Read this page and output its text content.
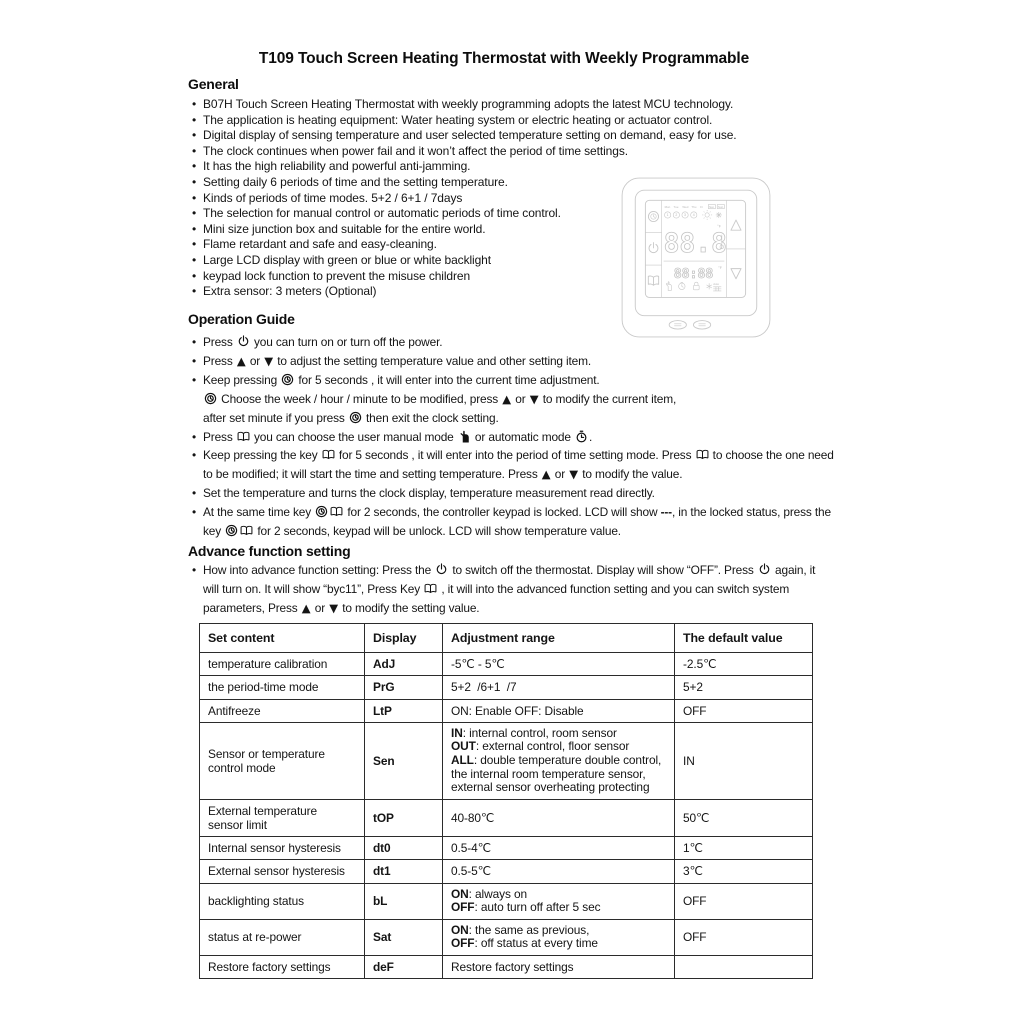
T109 Touch Screen Heating Thermostat with Weekly Programmable
General
Operation Guide
Advance function setting
• B07H Touch Screen Heating Thermostat with weekly programming adopts the latest MCU technology.
• The application is heating equipment: Water heating system or electric heating or actuator control.
• Digital display of sensing temperature and user selected temperature setting on demand, easy for use.
• The clock continues when power fail and it won’t affect the period of time settings.
• It has the high reliability and powerful anti-jamming.
• Setting daily 6 periods of time and the setting temperature.
• Kinds of periods of time modes. 5+2 / 6+1 / 7days
• The selection for manual control or automatic periods of time control.
• Mini size junction box and suitable for the entire world.
• Flame retardant and safe and easy-cleaning.
• Large LCD display with green or blue or white backlight
• keypad lock function to prevent the misuse children
• Extra sensor: 3 meters (Optional)
• Press  you can turn on or turn off the power.
• Press ▲ or ▼ to adjust the setting temperature value and other setting item.
• Keep pressing  for 5 seconds , it will enter into the current time adjustment.
Choose the week / hour / minute to be modified, press ▲ or ▼ to modify the current item,
after set minute if you press  then exit the clock setting.
• Press  you can choose the user manual mode  or automatic mode .
• Keep pressing the key  for 5 seconds , it will enter into the period of time setting mode. Press  to choose the one need to be modified; it will start the time and setting temperature. Press ▲ or ▼ to modify the value.
• Set the temperature and turns the clock display, temperature measurement read directly.
• At the same time key	for 2 seconds, the controller keypad is locked. LCD will show ---, in the locked status, press the key	for 2 seconds, keypad will be unlock. LCD will show temperature value.
• How into advance function setting: Press the  to switch off the thermostat. Display will show “OFF”. Press  again, it will turn on. It will show “byc11”, Press Key  , it will into the advanced function setting and you can switch system parameters, Press ▲ or ▼ to modify the setting value.
Set content	Display	Adjustment range	The default value
temperature calibration	AdJ	-5℃ - 5℃	-2.5℃
the period-time mode	PrG	5+2  /6+1  /7	5+2
Antifreeze	LtP	ON: Enable OFF: Disable	OFF
Sensor or temperature
control mode	Sen	
IN: internal control, room sensor
OUT: external control, floor sensor
ALL: double temperature double control,
the internal room temperature sensor,
external sensor overheating protecting
	IN
External temperature
sensor limit	tOP	40-80℃	50℃
Internal sensor hysteresis	dt0	0.5-4℃	1℃
External sensor hysteresis	dt1	0.5-5℃	3℃
backlighting status	bL	ON: always on
OFF: auto turn off after 5 sec	OFF
status at re-power	Sat	ON: the same as previous,
OFF: off status at every time	OFF
Restore factory settings	deF	Restore factory settings	
Mon Tue Wed Thu Fr Sat Sun
1 2 3 4
88.8
°F
88:88 °F
Auto
